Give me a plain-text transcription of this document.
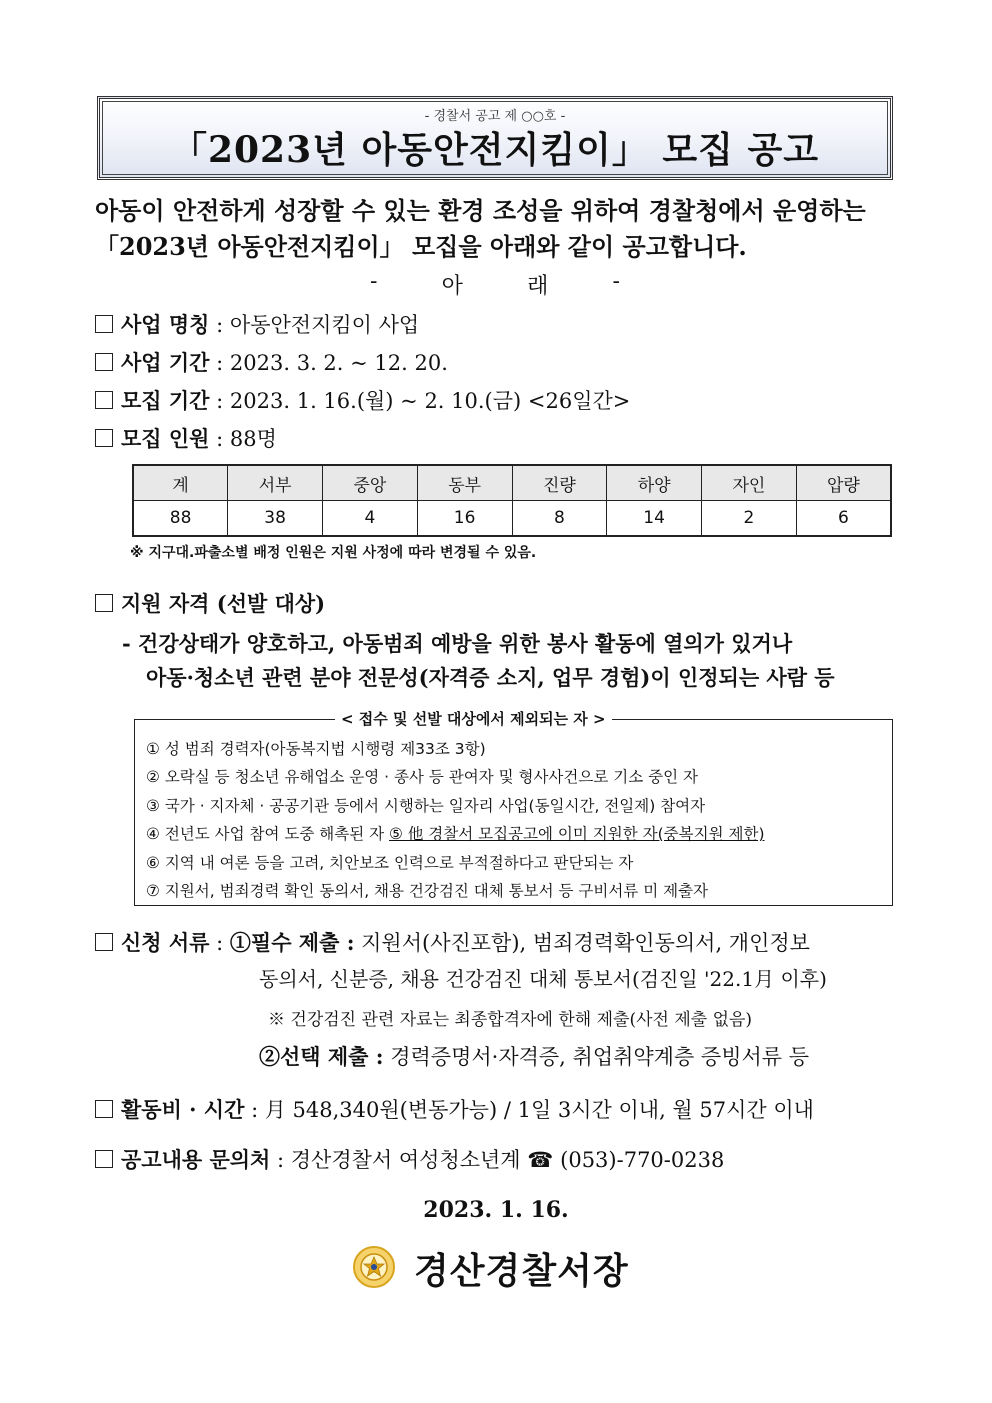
- 경찰서 공고 제 ○○호 -
「2023년 아동안전지킴이」 모집 공고
아동이 안전하게 성장할 수 있는 환경 조성을 위하여 경찰청에서 운영하는
「2023년 아동안전지킴이」 모집을 아래와 같이 공고합니다.
-	아	래	-
사업 명칭 : 아동안전지킴이 사업
사업 기간 : 2023. 3. 2. ~ 12. 20.
모집 기간 : 2023. 1. 16.(월) ~ 2. 10.(금) <26일간>
모집 인원 : 88명
계	서부	중앙	동부	진량	하양	자인	압량
88	38	4	16	8	14	2	6
※ 지구대.파출소별 배정 인원은 지원 사정에 따라 변경될 수 있음.
지원 자격 (선발 대상)
- 건강상태가 양호하고, 아동범죄 예방을 위한 봉사 활동에 열의가 있거나
아동·청소년 관련 분야 전문성(자격증 소지, 업무 경험)이 인정되는 사람 등
< 접수 및 선발 대상에서 제외되는 자 >
① 성 범죄 경력자(아동복지법 시행령 제33조 3항)
② 오락실 등 청소년 유해업소 운영 · 종사 등 관여자 및 형사사건으로 기소 중인 자
③ 국가 · 지자체 · 공공기관 등에서 시행하는 일자리 사업(동일시간, 전일제) 참여자
④ 전년도 사업 참여 도중 해촉된 자 ⑤ 他 경찰서 모집공고에 이미 지원한 자(중복지원 제한)
⑥ 지역 내 여론 등을 고려, 치안보조 인력으로 부적절하다고 판단되는 자
⑦ 지원서, 범죄경력 확인 동의서, 채용 건강검진 대체 통보서 등 구비서류 미 제출자
신청 서류 : ①필수 제출 : 지원서(사진포함), 범죄경력확인동의서, 개인정보
동의서, 신분증, 채용 건강검진 대체 통보서(검진일 '22.1月 이후)
※ 건강검진 관련 자료는 최종합격자에 한해 제출(사전 제출 없음)
②선택 제출 : 경력증명서·자격증, 취업취약계층 증빙서류 등
활동비 · 시간 : 月 548,340원(변동가능) / 1일 3시간 이내, 월 57시간 이내
공고내용 문의처 : 경산경찰서 여성청소년계 ☎ (053)-770-0238
2023. 1. 16.
경산경찰서장
